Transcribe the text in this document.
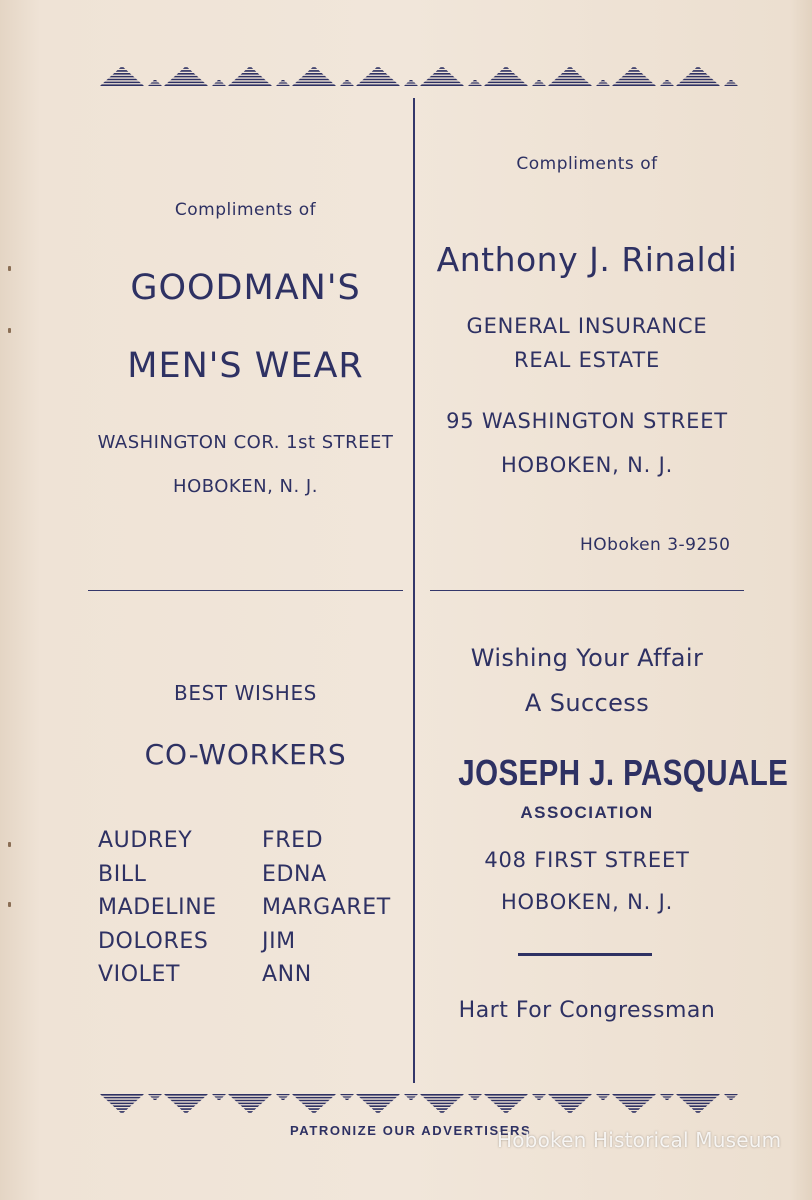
Compliments of
GOODMAN'S
MEN'S WEAR
WASHINGTON COR. 1st STREET
HOBOKEN, N. J.
Compliments of
Anthony J. Rinaldi
GENERAL INSURANCE
REAL ESTATE
95 WASHINGTON STREET
HOBOKEN, N. J.
HOboken 3-9250
BEST WISHES
CO-WORKERS
AUDREY
BILL
MADELINE
DOLORES
VIOLET
FRED
EDNA
MARGARET
JIM
ANN
Wishing Your Affair
A Success
JOSEPH J. PASQUALE
ASSOCIATION
408 FIRST STREET
HOBOKEN, N. J.
Hart For Congressman
PATRONIZE OUR ADVERTISERS
Hoboken Historical Museum
